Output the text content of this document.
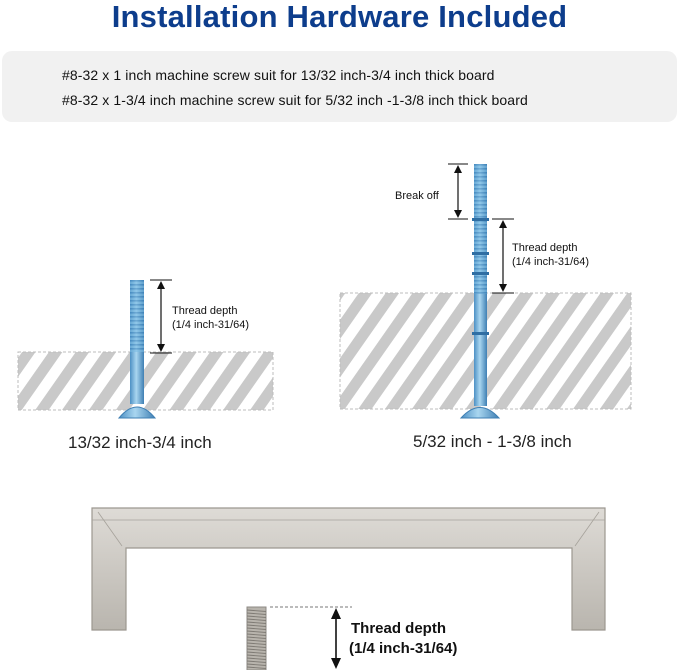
Installation Hardware Included
#8-32 x 1 inch machine screw suit for 13/32 inch-3/4 inch thick board
#8-32 x 1-3/4 inch machine screw suit for 5/32 inch -1-3/8 inch thick board
Thread depth
(1/4 inch-31/64)
Break off
Thread depth
(1/4 inch-31/64)
Thread depth
(1/4 inch-31/64)
13/32 inch-3/4 inch	5/32 inch - 1-3/8 inch
